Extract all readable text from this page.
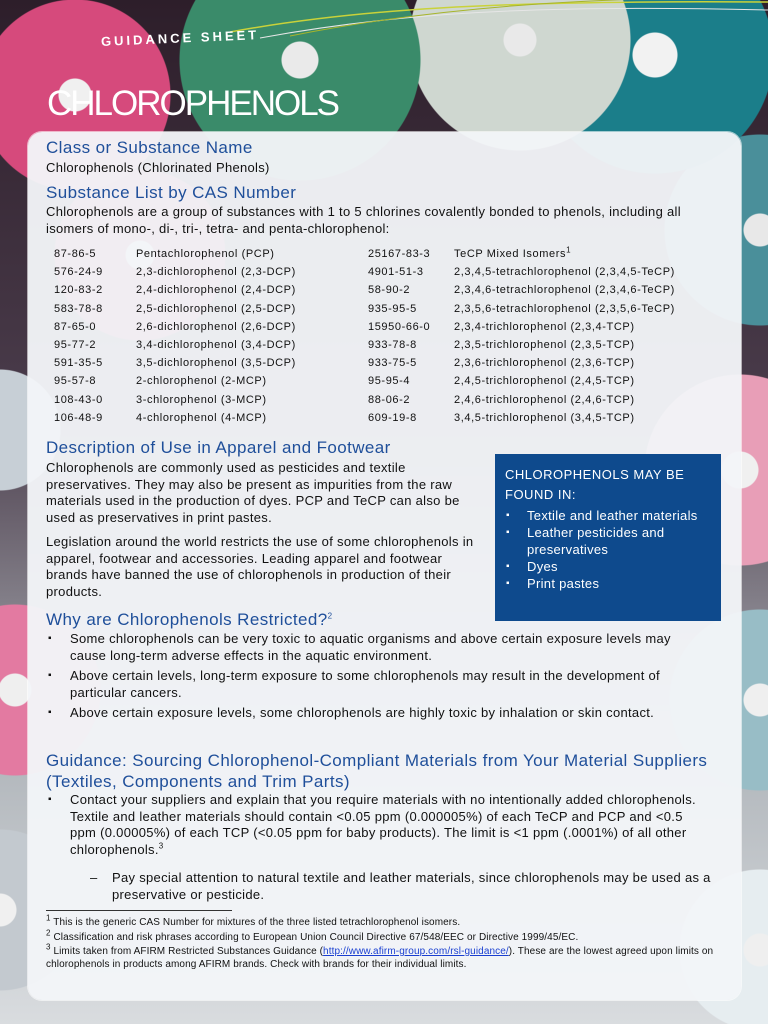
GUIDANCE SHEET
CHLOROPHENOLS
Class or Substance Name

Chlorophenols (Chlorinated Phenols)

Substance List by CAS Number

Chlorophenols are a group of substances with 1 to 5 chlorines covalently bonded to phenols, including all isomers of mono-, di-, tri-, tetra- and penta-chlorophenol:

87-86-5	Pentachlorophenol (PCP)	25167-83-3	TeCP Mixed Isomers$^1$
576-24-9	2,3-dichlorophenol (2,3-DCP)	4901-51-3	2,3,4,5-tetrachlorophenol (2,3,4,5-TeCP)
120-83-2	2,4-dichlorophenol (2,4-DCP)	58-90-2	2,3,4,6-tetrachlorophenol (2,3,4,6-TeCP)
583-78-8	2,5-dichlorophenol (2,5-DCP)	935-95-5	2,3,5,6-tetrachlorophenol (2,3,5,6-TeCP)
87-65-0	2,6-dichlorophenol (2,6-DCP)	15950-66-0	2,3,4-trichlorophenol (2,3,4-TCP)
95-77-2	3,4-dichlorophenol (3,4-DCP)	933-78-8	2,3,5-trichlorophenol (2,3,5-TCP)
591-35-5	3,5-dichlorophenol (3,5-DCP)	933-75-5	2,3,6-trichlorophenol (2,3,6-TCP)
95-57-8	2-chlorophenol (2-MCP)	95-95-4	2,4,5-trichlorophenol (2,4,5-TCP)
108-43-0	3-chlorophenol (3-MCP)	88-06-2	2,4,6-trichlorophenol (2,4,6-TCP)
106-48-9	4-chlorophenol (4-MCP)	609-19-8	3,4,5-trichlorophenol (3,4,5-TCP)
Description of Use in Apparel and Footwear

Chlorophenols are commonly used as pesticides and textile preservatives. They may also be present as impurities from the raw materials used in the production of dyes. PCP and TeCP can also be used as preservatives in print pastes.

Legislation around the world restricts the use of some chlorophenols in apparel, footwear and accessories. Leading apparel and footwear brands have banned the use of chlorophenols in production of their products.

CHLOROPHENOLS MAY BE
FOUND IN:
▪ Textile and leather materials
▪ Leather pesticides and preservatives
▪ Dyes
▪ Print pastes
Why are Chlorophenols Restricted?$^2$
▪ Some chlorophenols can be very toxic to aquatic organisms and above certain exposure levels may cause long-term adverse effects in the aquatic environment.
▪ Above certain levels, long-term exposure to some chlorophenols may result in the development of particular cancers.
▪ Above certain exposure levels, some chlorophenols are highly toxic by inhalation or skin contact.
Guidance: Sourcing Chlorophenol-Compliant Materials from Your Material Suppliers (Textiles, Components and Trim Parts)
▪ Contact your suppliers and explain that you require materials with no intentionally added chlorophenols. Textile and leather materials should contain <0.05 ppm (0.000005%) of each TeCP and PCP and <0.5 ppm (0.00005%) of each TCP (<0.05 ppm for baby products). The limit is <1 ppm (.0001%) of all other chlorophenols.$^3$

– Pay special attention to natural textile and leather materials, since chlorophenols may be used as a preservative or pesticide.

$^1$ This is the generic CAS Number for mixtures of the three listed tetrachlorophenol isomers.
$^2$ Classification and risk phrases according to European Union Council Directive 67/548/EEC or Directive 1999/45/EC.
$^3$ Limits taken from AFIRM Restricted Substances Guidance (http://www.afirm-group.com/rsl-guidance/). These are the lowest agreed upon limits on chlorophenols in products among AFIRM brands. Check with brands for their individual limits.
